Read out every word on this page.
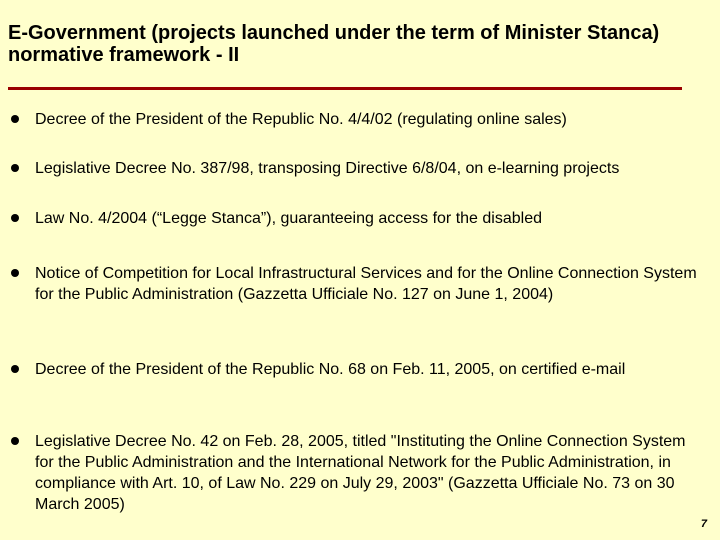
E-Government (projects launched under the term of Minister Stanca) normative framework - II
Decree of the President of the Republic No. 4/4/02 (regulating online sales)
Legislative Decree No. 387/98, transposing Directive 6/8/04, on e-learning projects
Law No. 4/2004 (“Legge Stanca”), guaranteeing access for the disabled
Notice of Competition for Local Infrastructural Services and for the Online Connection System for the Public Administration (Gazzetta Ufficiale No. 127 on June 1, 2004)
Decree of the President of the Republic No. 68 on Feb. 11, 2005, on certified e-mail
Legislative Decree No. 42 on Feb. 28, 2005, titled "Instituting the Online Connection System for the Public Administration and the International Network for the Public Administration, in compliance with Art. 10, of Law No. 229 on July 29, 2003" (Gazzetta Ufficiale No. 73 on 30 March 2005)
7
